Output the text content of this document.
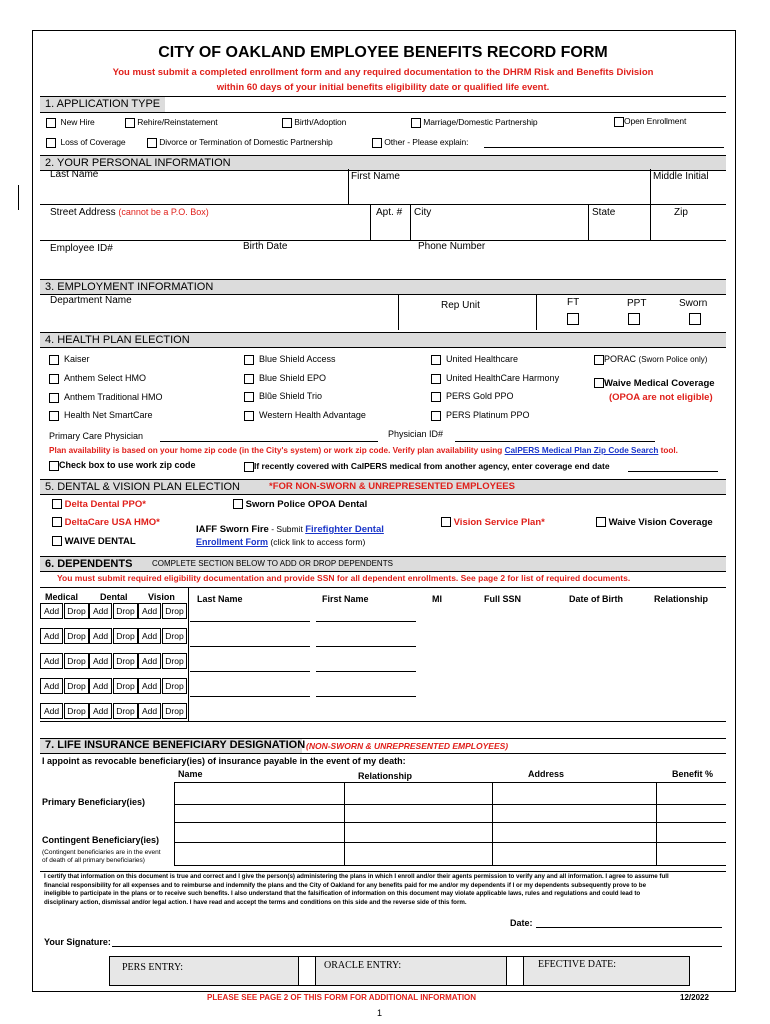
CITY OF OAKLAND EMPLOYEE BENEFITS RECORD FORM
You must submit a completed enrollment form and any required documentation to the DHRM Risk and Benefits Division
within 60 days of your initial benefits eligibility date or qualified life event.
1. APPLICATION TYPE
New Hire	Rehire/Reinstatement	Birth/Adoption	Marriage/Domestic Partnership	Open Enrollment
Loss of Coverage	Divorce or Termination of Domestic Partnership	Other - Please explain:
2. YOUR PERSONAL INFORMATION
Last Name	First Name	Middle Initial
Street Address (cannot be a P.O. Box)	Apt. # City	State	Zip
Employee ID#	Birth Date	Phone Number
3. EMPLOYMENT INFORMATION
Department Name	Rep Unit	FT	PPT	Sworn
4. HEALTH PLAN ELECTION
Kaiser	Blue Shield Access	United Healthcare	PORAC (Sworn Police only)
Anthem Select HMO	Blue Shield EPO	United HealthCare Harmony	Waive Medical Coverage
(OPOA are not eligible)
Anthem Traditional HMO	Blũe Shield Trio	PERS Gold PPO
Health Net SmartCare	Western Health Advantage	PERS Platinum PPO
Primary Care Physician	Physician ID#
Plan availability is based on your home zip code (in the City's system) or work zip code. Verify plan availability using CalPERS Medical Plan Zip Code Search tool.
Check box to use work zip code	If recently covered with CalPERS medical from another agency, enter coverage end date
5. DENTAL & VISION PLAN ELECTION	*FOR NON-SWORN & UNREPRESENTED EMPLOYEES
Delta Dental PPO*	Sworn Police OPOA Dental
DeltaCare USA HMO*
WAIVE DENTAL
IAFF Sworn Fire - Submit Firefighter Dental
Enrollment Form (click link to access form)
Vision Service Plan*	Waive Vision Coverage
6. DEPENDENTS COMPLETE SECTION BELOW TO ADD OR DROP DEPENDENTS
You must submit required eligibility documentation and provide SSN for all dependent enrollments. See page 2 for list of required documents.
Medical Dental Vision Last Name	First Name	MI	Full SSN	Date of Birth	Relationship
Add Drop Add Drop Add Drop
Add Drop Add Drop Add Drop
Add Drop Add Drop Add Drop
Add Drop Add Drop Add Drop
Add Drop Add Drop Add Drop
7. LIFE INSURANCE BENEFICIARY DESIGNATION (NON-SWORN & UNREPRESENTED EMPLOYEES)
I appoint as revocable beneficiary(ies) of insurance payable in the event of my death:
Name	Relationship	Address	Benefit %
Primary Beneficiary(ies)
Contingent Beneficiary(ies)
(Contingent beneficiaries are in the event
of death of all primary beneficiaries)
I certify that information on this document is true and correct and I give the person(s) administering the plans in which I enroll and/or their agents permission to verify any and all information. I agree to assume full
financial responsibility for all expenses and to reimburse and indemnify the plans and the City of Oakland for any benefits paid for me and/or my dependents if I or my dependents subsequently prove to be
ineligible to participate in the plans or to receive such benefits. I also understand that the falsification of information on this document may violate applicable laws, rules and regulations and could lead to
disciplinary action, dismissal and/or legal action. I have read and accept the terms and conditions on this side and the reverse side of this form.
Date:
Your Signature:
PERS ENTRY:	ORACLE ENTRY:	EFECTIVE DATE:
PLEASE SEE PAGE 2 OF THIS FORM FOR ADDITIONAL INFORMATION	12/2022
1
